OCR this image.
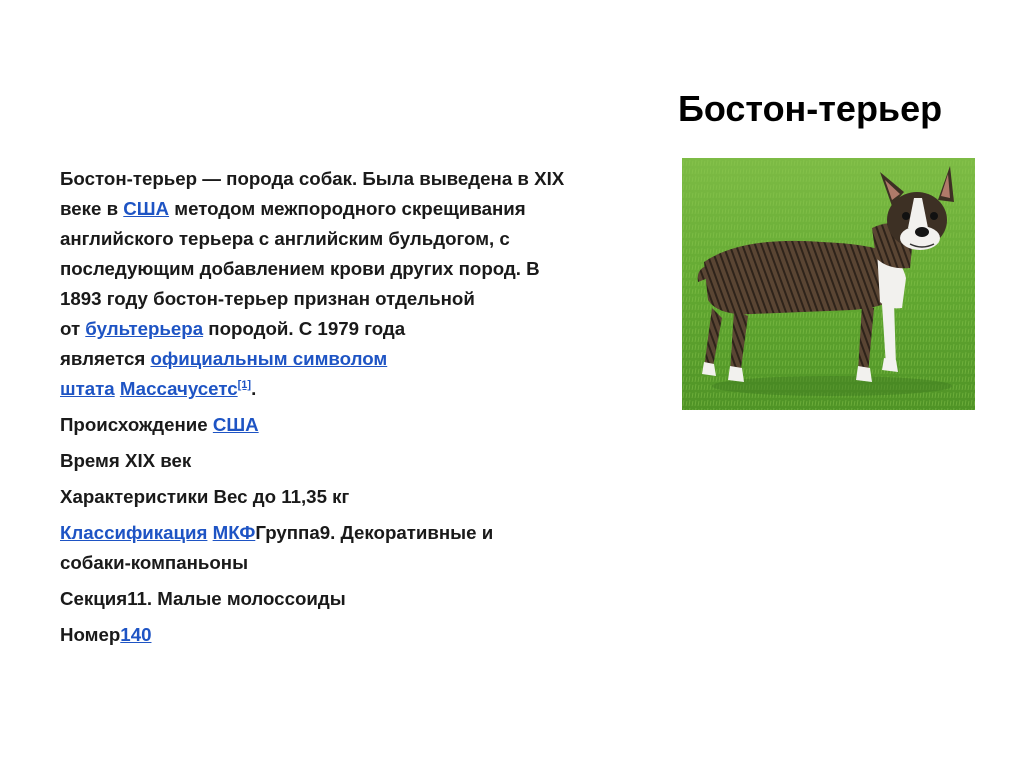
Бостон-терьер

Бостон-терьер — порода собак. Была выведена в XIX
веке в США методом межпородного скрещивания
английского терьера с английским бульдогом, с
последующим добавлением крови других пород. В
1893 году бостон-терьер признан отдельной
от бультерьера породой. С 1979 года
является официальным символом
штата Массачусетс[1].

Происхождение США

Время XIX век

Характеристики Вес до 11,35 кг

Классификация МКФГруппа9. Декоративные и
собаки-компаньоны

Секция11. Малые молоссоиды

Номер140
